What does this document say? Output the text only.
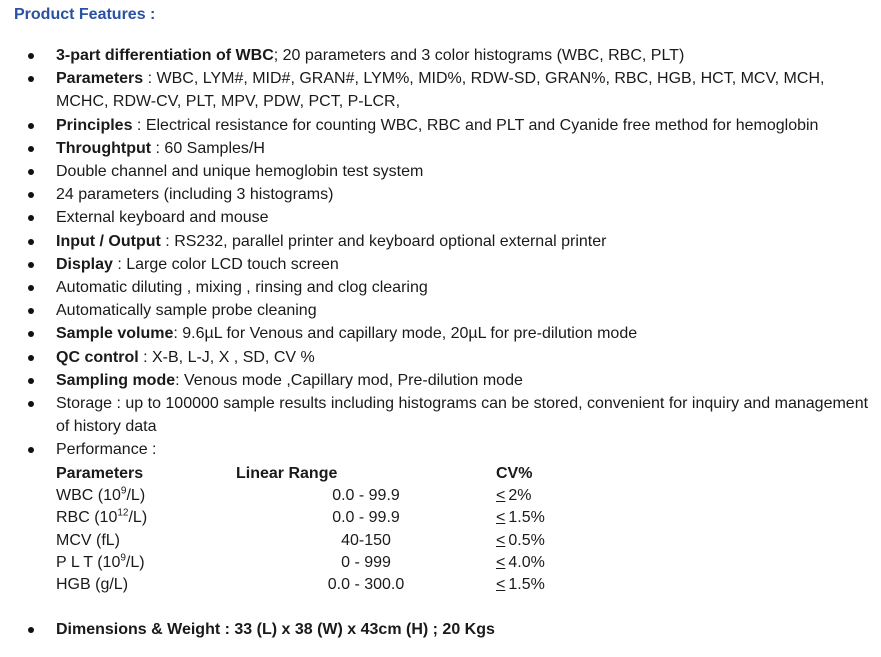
Product Features :
3-part differentiation of WBC; 20 parameters and 3 color histograms (WBC, RBC, PLT)
Parameters : WBC, LYM#, MID#, GRAN#, LYM%, MID%, RDW-SD, GRAN%, RBC, HGB, HCT, MCV, MCH, MCHC, RDW-CV, PLT, MPV, PDW, PCT, P-LCR,
Principles : Electrical resistance for counting WBC, RBC and PLT and Cyanide free method for hemoglobin
Throughtput : 60 Samples/H
Double channel and unique hemoglobin test system
24 parameters (including 3 histograms)
External keyboard and mouse
Input / Output : RS232, parallel printer and keyboard optional external printer
Display : Large color LCD touch screen
Automatic diluting , mixing , rinsing and clog clearing
Automatically sample probe cleaning
Sample volume: 9.6µL for Venous and capillary mode, 20µL for pre-dilution mode
QC control : X-B, L-J, X , SD, CV %
Sampling mode: Venous mode ,Capillary mod, Pre-dilution mode
Storage : up to 100000 sample results including histograms can be stored, convenient for inquiry and management of history data
Performance :
Parameters	Linear Range	CV%
WBC $(10^9/L)$	0.0 - 99.9	≤ 2%
RBC $(10^{12}/L)$	0.0 - 99.9	≤ 1.5%
MCV (fL)	40-150	≤ 0.5%
P L T $(10^9/L)$	0 - 999	≤ 4.0%
HGB (g/L)	0.0 - 300.0	≤ 1.5%
Dimensions & Weight : 33 (L) x 38 (W) x 43cm (H) ; 20 Kgs
